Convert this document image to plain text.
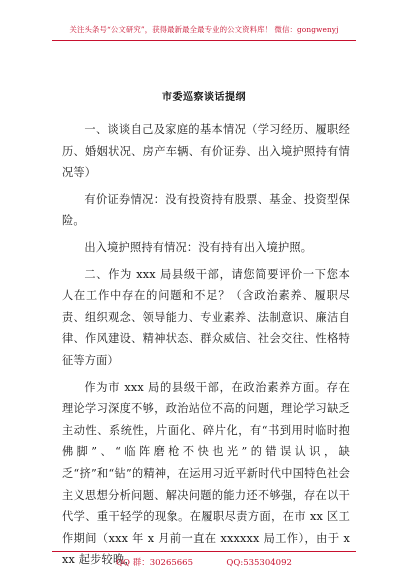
关注头条号“公文研究”，获得最新最全最专业的公文资料库！ 微信：gongwenyj
市委巡察谈话提纲

一、谈谈自己及家庭的基本情况（学习经历、履职经历、婚姻状况、房产车辆、有价证券、出入境护照持有情况等）

有价证券情况：没有投资持有股票、基金、投资型保险。

出入境护照持有情况：没有持有出入境护照。

二、作为 xxx 局县级干部，请您简要评价一下您本人在工作中存在的问题和不足？（含政治素养、履职尽责、组织观念、领导能力、专业素养、法制意识、廉洁自律、作风建设、精神状态、群众威信、社会交往、性格特征等方面）

作为市 xxx 局的县级干部，在政治素养方面。存在理论学习深度不够，政治站位不高的问题，理论学习缺乏主动性、系统性，片面化、碎片化，有“书到用时临时抱佛脚”、“临阵磨枪不快也光”的错误认识，缺乏“挤”和“钻”的精神，在运用习近平新时代中国特色社会主义思想分析问题、解决问题的能力还不够强，存在以干代学、重干轻学的现象。在履职尽责方面，在市 xx 区工作期间（xxx 年 x 月前一直在 xxxxxx 局工作），由于 xxx 起步较晚，

QQ 群：30265665	QQ:535304092
